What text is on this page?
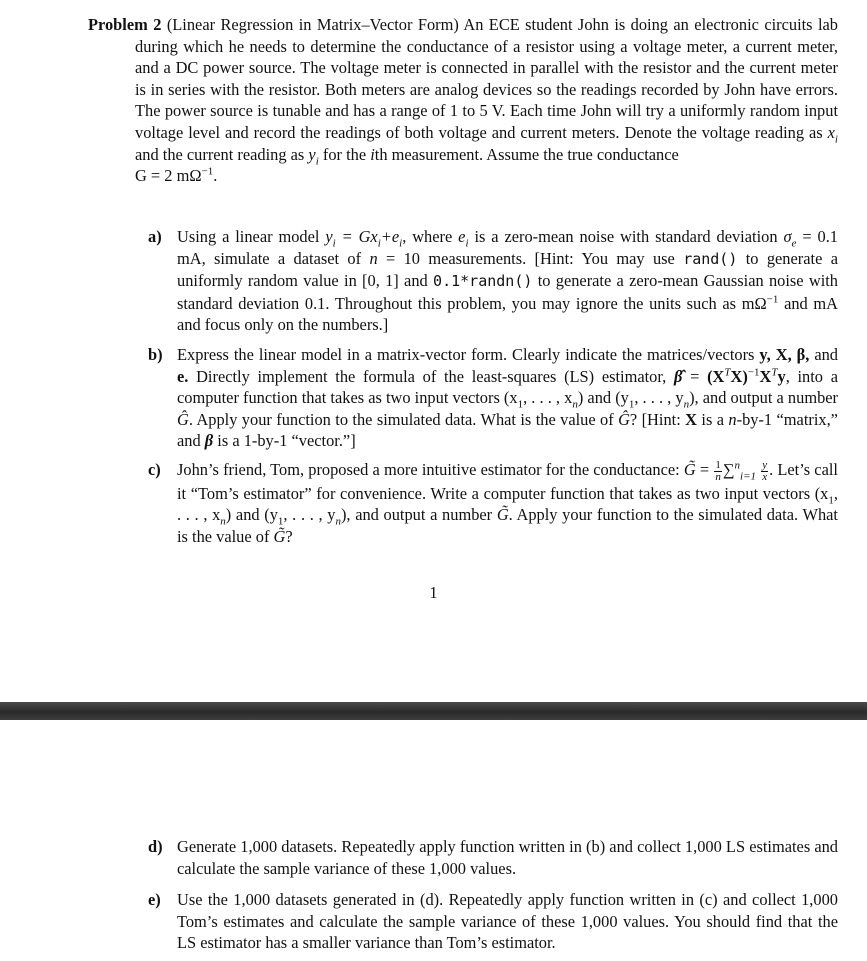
Problem 2 (Linear Regression in Matrix–Vector Form) An ECE student John is doing an electronic circuits lab during which he needs to determine the conductance of a resistor using a voltage meter, a current meter, and a DC power source. The voltage meter is connected in parallel with the resistor and the current meter is in series with the resistor. Both meters are analog devices so the readings recorded by John have errors. The power source is tunable and has a range of 1 to 5 V. Each time John will try a uniformly random input voltage level and record the readings of both voltage and current meters. Denote the voltage reading as $x_i$ and the current reading as $y_i$ for the ith measurement. Assume the true conductance
G = 2 $m\Omega^{-1}$.
a) Using a linear model $y_i = Gx_i+e_i$, where $e_i$ is a zero-mean noise with standard deviation $\sigma_e = 0.1$ mA, simulate a dataset of n = 10 measurements. [Hint: You may use rand() to generate a uniformly random value in [0, 1] and 0.1*randn() to generate a zero-mean Gaussian noise with standard deviation 0.1. Throughout this problem, you may ignore the units such as $m\Omega^{-1}$ and mA and focus only on the numbers.]
b) Express the linear model in a matrix-vector form. Clearly indicate the matrices/vectors y, X, β, and e. Directly implement the formula of the least-squares (LS) estimator, β̂ = $(X^TX)^{-1}X^Ty$, into a computer function that takes as two input vectors ($x_1$, . . . , $x_n$) and ($y_1$, . . . , $y_n$), and output a number Ĝ. Apply your function to the simulated data. What is the value of Ĝ? [Hint: X is a n-by-1 “matrix,” and β is a 1-by-1 “vector.”]
c) John’s friend, Tom, proposed a more intuitive estimator for the conductance: G̃ = $\frac{1}{n} \sum^n_{i=1} \frac{y}{x}$ . Let’s call it “Tom’s estimator” for convenience. Write a computer function that takes as two input vectors ($x_1$, . . . , $x_n$) and ($y_1$, . . . , $y_n$), and output a number G̃. Apply your function to the simulated data. What is the value of G̃?
1
d) Generate 1,000 datasets. Repeatedly apply function written in (b) and collect 1,000 LS estimates and calculate the sample variance of these 1,000 values.
e) Use the 1,000 datasets generated in (d). Repeatedly apply function written in (c) and collect 1,000 Tom’s estimates and calculate the sample variance of these 1,000 values. You should find that the LS estimator has a smaller variance than Tom’s estimator.
